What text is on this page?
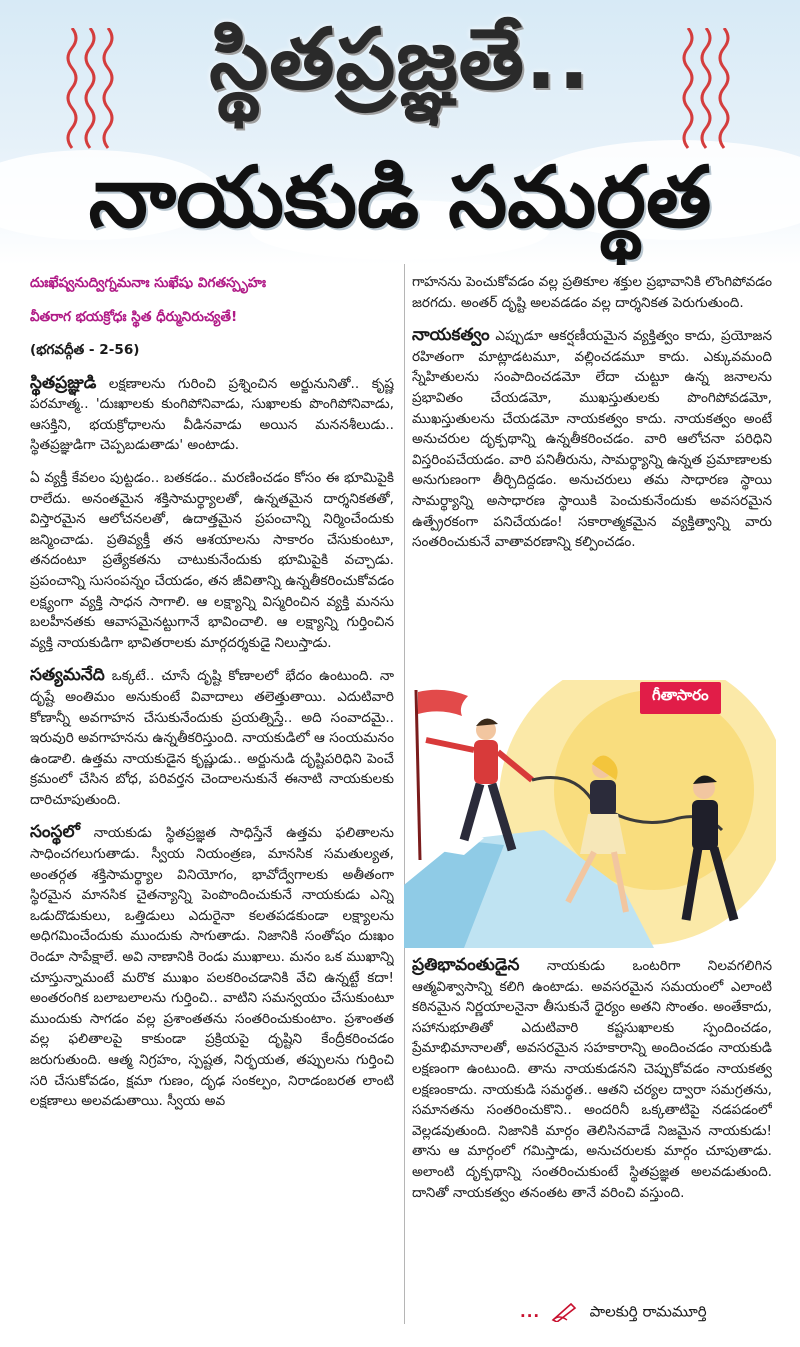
స్థితప్రజ్ఞతే..
నాయకుడి సమర్థత

దుఃఖేష్వనుద్విగ్నమనాః సుఖేషు విగతస్పృహః

వీతరాగ భయక్రోధః స్థిత ధీర్మునిరుచ్యతే!

(భగవద్గీత - 2-56)

స్థితప్రజ్ఞుడి లక్షణాలను గురించి ప్రశ్నించిన అర్జునునితో.. కృష్ణ పరమాత్మ.. 'దుఃఖాలకు కుంగిపోనివాడు, సుఖాలకు పొంగిపోనివాడు, ఆసక్తిని, భయక్రోధాలను వీడినవాడు అయిన మననశీలుడు.. స్థితప్రజ్ఞుడిగా చెప్పబడుతాడు' అంటాడు.

ఏ వ్యక్తీ కేవలం పుట్టడం.. బతకడం.. మరణించడం కోసం ఈ భూమిపైకి రాలేదు. అనంతమైన శక్తిసామర్థ్యాలతో, ఉన్నతమైన దార్శనికతతో, విస్తారమైన ఆలోచనలతో, ఉదాత్తమైన ప్రపంచాన్ని నిర్మించేందుకు జన్మించాడు. ప్రతివ్యక్తీ తన ఆశయాలను సాకారం చేసుకుంటూ, తనదంటూ ప్రత్యేకతను చాటుకునేందుకు భూమిపైకి వచ్చాడు. ప్రపంచాన్ని సుసంపన్నం చేయడం, తన జీవితాన్ని ఉన్నతీకరించుకోవడం లక్ష్యంగా వ్యక్తి సాధన సాగాలి. ఆ లక్ష్యాన్ని విస్మరించిన వ్యక్తి మనసు బలహీనతకు ఆవాసమైనట్టుగానే భావించాలి. ఆ లక్ష్యాన్ని గుర్తించిన వ్యక్తి నాయకుడిగా భావితరాలకు మార్గదర్శకుడై నిలుస్తాడు.

సత్యమనేది ఒక్కటే.. చూసే దృష్టి కోణాలలో భేదం ఉంటుంది. నా దృష్టే అంతిమం అనుకుంటే వివాదాలు తలెత్తుతాయి. ఎదుటివారి కోణాన్నీ అవగాహన చేసుకునేందుకు ప్రయత్నిస్తే.. అది సంవాదమై.. ఇరువురి అవగాహనను ఉన్నతీకరిస్తుంది. నాయకుడిలో ఆ సంయమనం ఉండాలి. ఉత్తమ నాయకుడైన కృష్ణుడు.. అర్జునుడి దృష్టిపరిధిని పెంచే క్రమంలో చేసిన బోధ, పరివర్తన చెందాలనుకునే ఈనాటి నాయకులకు దారిచూపుతుంది.

సంస్థలో నాయకుడు స్థితప్రజ్ఞత సాధిస్తేనే ఉత్తమ ఫలితాలను సాధించగలుగుతాడు. స్వీయ నియంత్రణ, మానసిక సమతుల్యత, అంతర్గత శక్తిసామర్థ్యాల వినియోగం, భావోద్వేగాలకు అతీతంగా స్థిరమైన మానసిక చైతన్యాన్ని పెంపొందించుకునే నాయకుడు ఎన్ని ఒడుదొడుకులు, ఒత్తిడులు ఎదురైనా కలతపడకుండా లక్ష్యాలను అధిగమించేందుకు ముందుకు సాగుతాడు. నిజానికి సంతోషం దుఃఖం రెండూ సాపేక్షాలే. అవి నాణానికి రెండు ముఖాలు. మనం ఒక ముఖాన్ని చూస్తున్నామంటే మరొక ముఖం పలకరించడానికి వేచి ఉన్నట్టే కదా! అంతరంగిక బలాబలాలను గుర్తించి.. వాటిని సమన్వయం చేసుకుంటూ ముందుకు సాగడం వల్ల ప్రశాంతతను సంతరించుకుంటాం. ప్రశాంతత వల్ల ఫలితాలపై కాకుండా ప్రక్రియపై దృష్టిని కేంద్రీకరించడం జరుగుతుంది. ఆత్మ నిగ్రహం, స్పష్టత, నిర్భయత, తప్పులను గుర్తించి సరి చేసుకోవడం, క్షమా గుణం, దృఢ సంకల్పం, నిరాడంబరత లాంటి లక్షణాలు అలవడుతాయి. స్వీయ అవ

గాహనను పెంచుకోవడం వల్ల ప్రతికూల శక్తుల ప్రభావానికి లొంగిపోవడం జరగదు. అంతర్ దృష్టి అలవడడం వల్ల దార్శనికత పెరుగుతుంది.

నాయకత్వం ఎప్పుడూ ఆకర్షణీయమైన వ్యక్తిత్వం కాదు, ప్రయోజన రహితంగా మాట్లాడటమూ, వల్లించడమూ కాదు. ఎక్కువమంది స్నేహితులను సంపాదించడమో లేదా చుట్టూ ఉన్న జనాలను ప్రభావితం చేయడమో, ముఖస్తుతులకు పొంగిపోవడమో, ముఖస్తుతులను చేయడమో నాయకత్వం కాదు. నాయకత్వం అంటే అనుచరుల దృక్పథాన్ని ఉన్నతీకరించడం. వారి ఆలోచనా పరిధిని విస్తరింపచేయడం. వారి పనితీరును, సామర్థ్యాన్ని ఉన్నత ప్రమాణాలకు అనుగుణంగా తీర్చిదిద్దడం. అనుచరులు తమ సాధారణ స్థాయి సామర్థ్యాన్ని అసాధారణ స్థాయికి పెంచుకునేందుకు అవసరమైన ఉత్ప్రేరకంగా పనిచేయడం! సకారాత్మకమైన వ్యక్తిత్వాన్ని వారు సంతరించుకునే వాతావరణాన్ని కల్పించడం.

గీతాసారం

ప్రతిభావంతుడైన నాయకుడు ఒంటరిగా నిలవగలిగిన ఆత్మవిశ్వాసాన్ని కలిగి ఉంటాడు. అవసరమైన సమయంలో ఎలాంటి కఠినమైన నిర్ణయాలనైనా తీసుకునే ధైర్యం అతని సొంతం. అంతేకాదు, సహానుభూతితో ఎదుటివారి కష్టసుఖాలకు స్పందించడం, ప్రేమాభిమానాలతో, అవసరమైన సహకారాన్ని అందించడం నాయకుడి లక్షణంగా ఉంటుంది. తాను నాయకుడనని చెప్పుకోవడం నాయకత్వ లక్షణంకాదు. నాయకుడి సమర్థత.. ఆతని చర్యల ద్వారా సమగ్రతను, సమానతను సంతరించుకొని.. అందరినీ ఒక్కతాటిపై నడపడంలో వెల్లడవుతుంది. నిజానికి మార్గం తెలిసినవాడే నిజమైన నాయకుడు! తాను ఆ మార్గంలో గమిస్తాడు, అనుచరులకు మార్గం చూపుతాడు. అలాంటి దృక్పథాన్ని సంతరించుకుంటే స్థితప్రజ్ఞత అలవడుతుంది. దానితో నాయకత్వం తనంతట తానే వరించి వస్తుంది.

...	పాలకుర్తి రామమూర్తి
